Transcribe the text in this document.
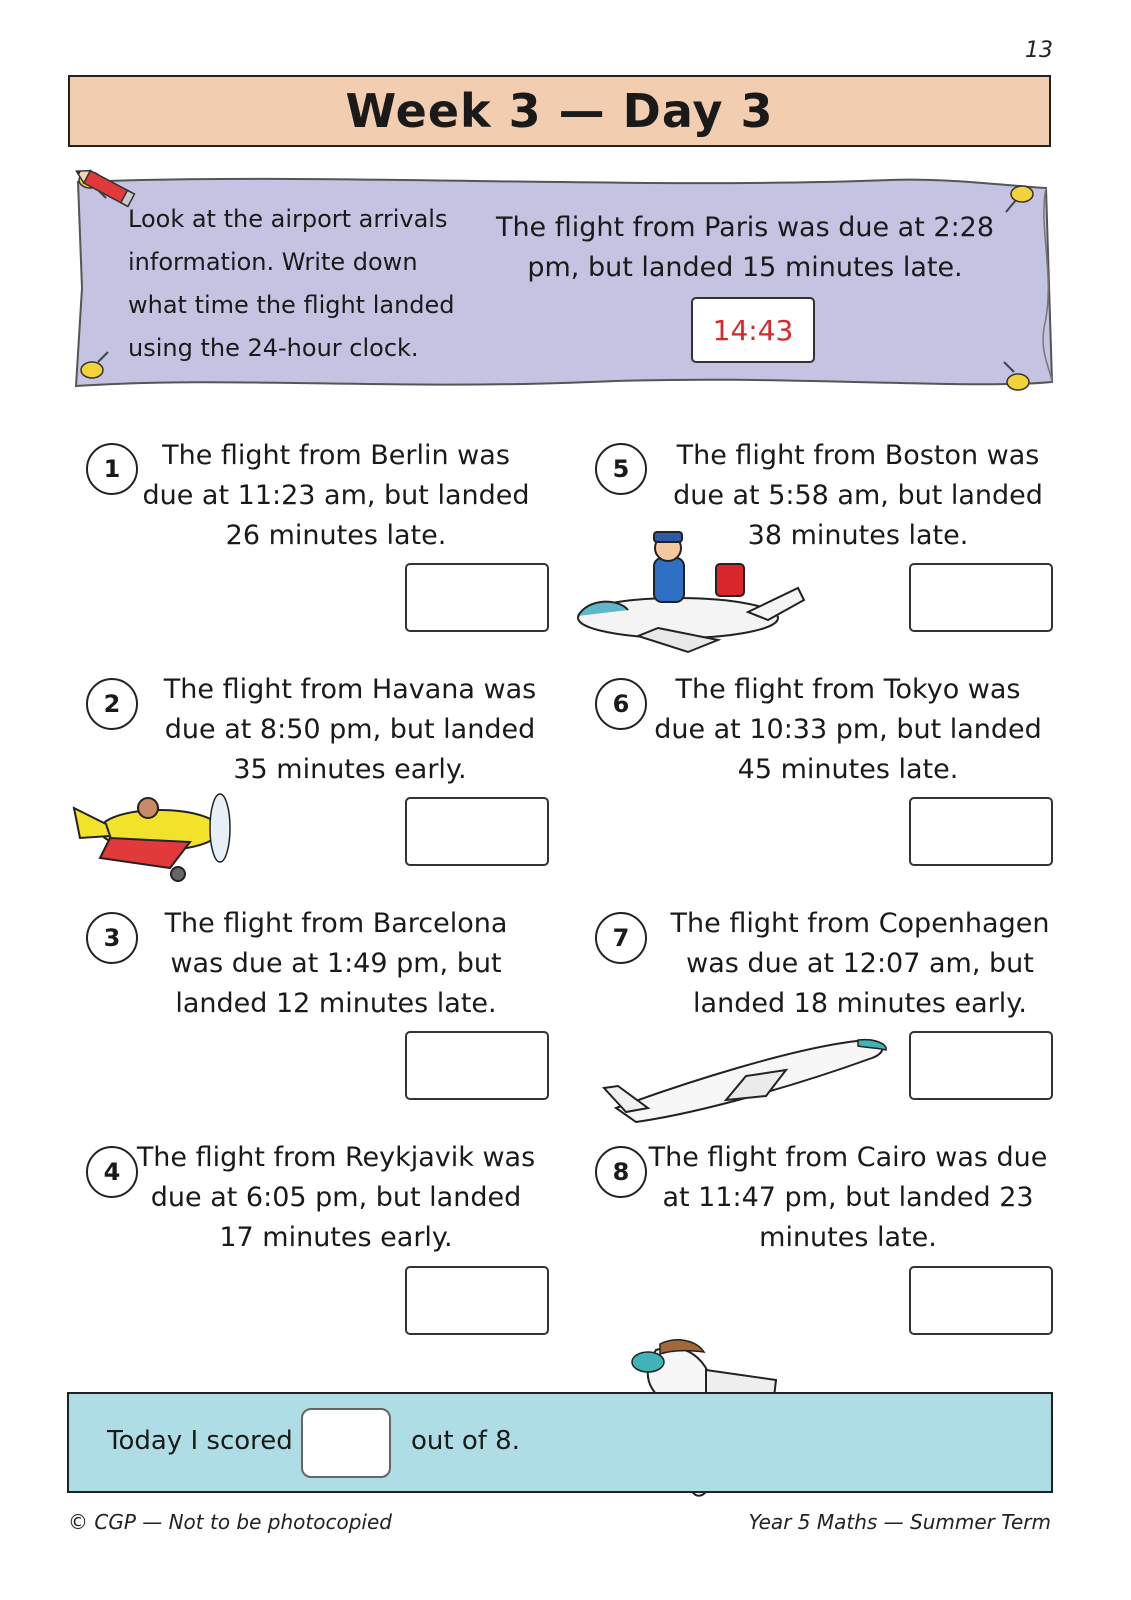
13
Week 3 — Day 3
Look at the airport arrivals information. Write down what time the flight landed using the 24-hour clock.
The flight from Paris was due at 2:28 pm, but landed 15 minutes late.
14:43
1	The flight from Berlin was due at 11:23 am, but landed 26 minutes late.
2	The flight from Havana was due at 8:50 pm, but landed 35 minutes early.
3	The flight from Barcelona was due at 1:49 pm, but landed 12 minutes late.
4 The flight from Reykjavik was due at 6:05 pm, but landed 17 minutes early.
5	The flight from Boston was due at 5:58 am, but landed 38 minutes late.
6	The flight from Tokyo was due at 10:33 pm, but landed 45 minutes late.
7	The flight from Copenhagen was due at 12:07 am, but landed 18 minutes early.
8 The flight from Cairo was due at 11:47 pm, but landed 23 minutes late.
Today I scored	out of 8.
© CGP — Not to be photocopied	Year 5 Maths — Summer Term
